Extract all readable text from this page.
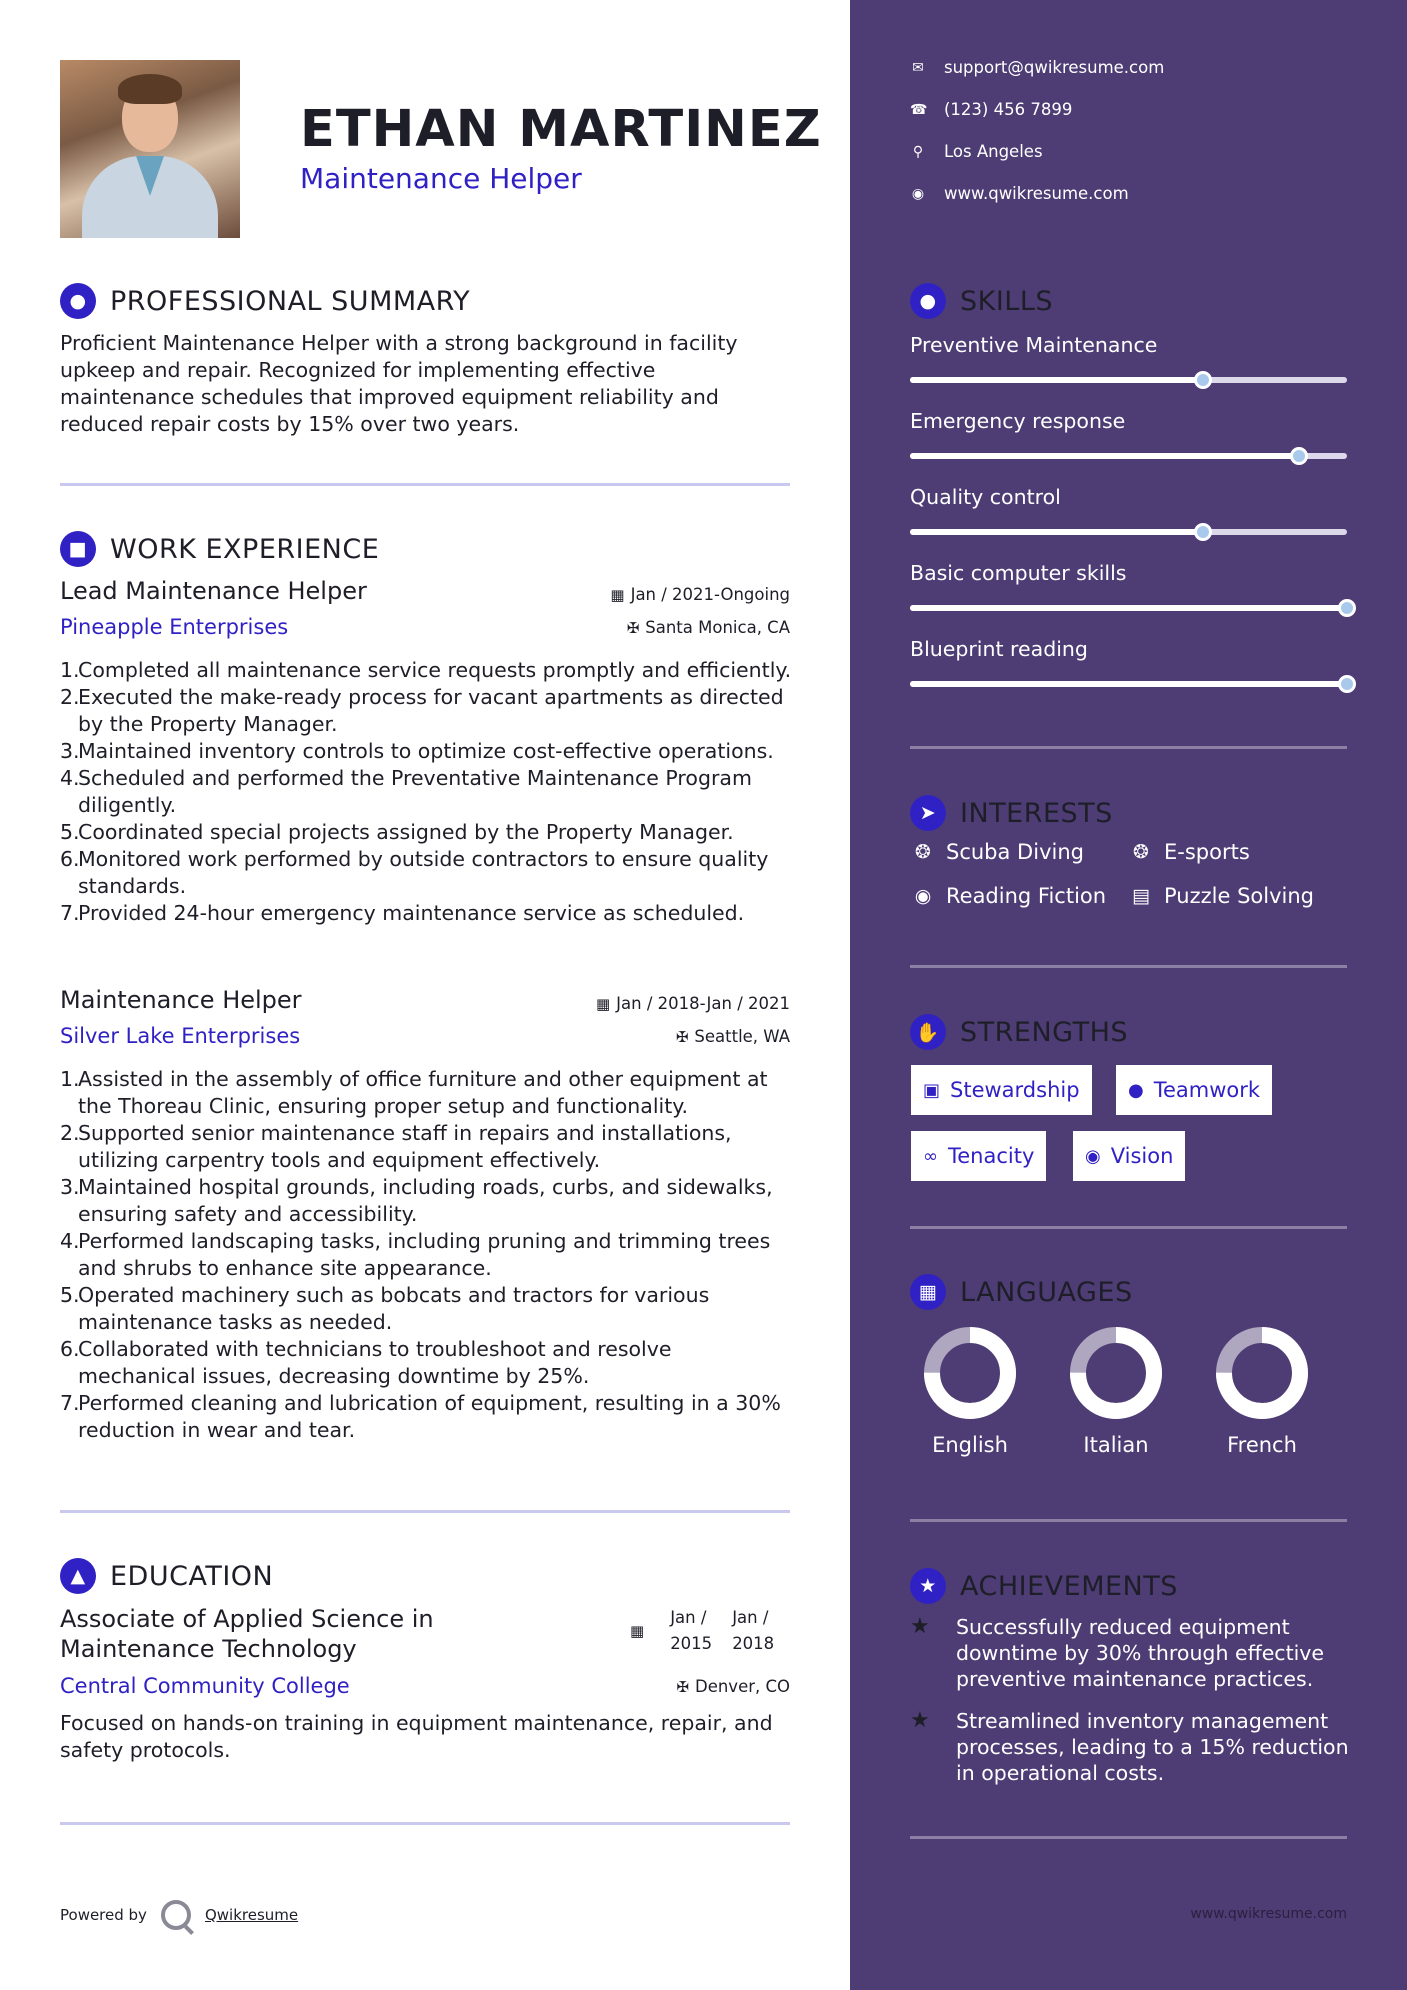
ETHAN MARTINEZ
Maintenance Helper
● PROFESSIONAL SUMMARY
Proficient Maintenance Helper with a strong background in facility upkeep and repair. Recognized for implementing effective maintenance schedules that improved equipment reliability and reduced repair costs by 15% over two years.
■ WORK EXPERIENCE
Lead Maintenance Helper
Pineapple Enterprises
▦ Jan / 2021-Ongoing
✠ Santa Monica, CA
1.
Completed all maintenance service requests promptly and efficiently.
2.
Executed the make-ready process for vacant apartments as directed by the Property Manager.
3.
Maintained inventory controls to optimize cost-effective operations.
4.
Scheduled and performed the Preventative Maintenance Program diligently.
5.
Coordinated special projects assigned by the Property Manager.
6.
Monitored work performed by outside contractors to ensure quality standards.
7.
Provided 24-hour emergency maintenance service as scheduled.
Maintenance Helper
Silver Lake Enterprises
▦ Jan / 2018-Jan / 2021
✠ Seattle, WA
1.
Assisted in the assembly of office furniture and other equipment at the Thoreau Clinic, ensuring proper setup and functionality.
2.
Supported senior maintenance staff in repairs and installations, utilizing carpentry tools and equipment effectively.
3.
Maintained hospital grounds, including roads, curbs, and sidewalks, ensuring safety and accessibility.
4.
Performed landscaping tasks, including pruning and trimming trees and shrubs to enhance site appearance.
5.
Operated machinery such as bobcats and tractors for various maintenance tasks as needed.
6.
Collaborated with technicians to troubleshoot and resolve mechanical issues, decreasing downtime by 25%.
7.
Performed cleaning and lubrication of equipment, resulting in a 30% reduction in wear and tear.
▲ EDUCATION
Associate of Applied Science in
Maintenance Technology
Central Community College
▦
Jan /
2015
Jan /
2018
✠ Denver, CO
Focused on hands-on training in equipment maintenance, repair, and safety protocols.
Powered by	Qwikresume
✉ support@qwikresume.com
☎ (123) 456 7899
⚲ Los Angeles
◉ www.qwikresume.com
● SKILLS
Preventive Maintenance
Emergency response
Quality control
Basic computer skills
Blueprint reading
➤ INTERESTS
❂ Scuba Diving	❂ E-sports
◉ Reading Fiction ▤ Puzzle Solving
✋ STRENGTHS
▣ Stewardship	● Teamwork
∞ Tenacity	◉ Vision
▦ LANGUAGES
English	Italian	French
★ ACHIEVEMENTS
★	Successfully reduced equipment downtime by 30% through effective preventive maintenance practices.
★	Streamlined inventory management processes, leading to a 15% reduction in operational costs.
www.qwikresume.com
